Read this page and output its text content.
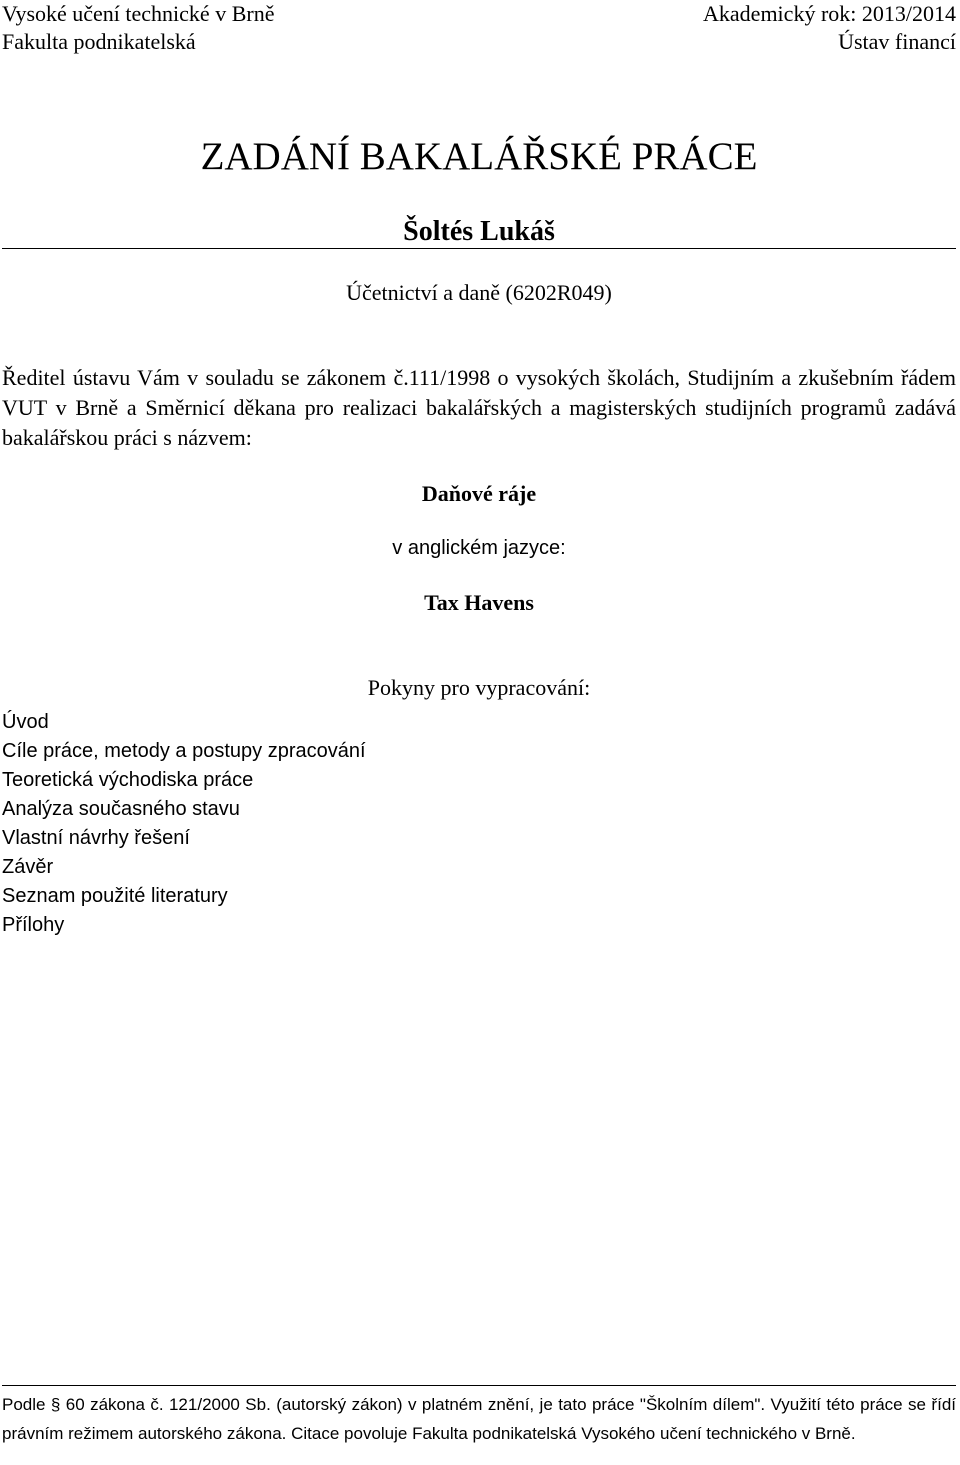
Vysoké učení technické v Brně
Fakulta podnikatelská
Akademický rok: 2013/2014
Ústav financí
ZADÁNÍ BAKALÁŘSKÉ PRÁCE
Šoltés Lukáš
Účetnictví a daně (6202R049)
Ředitel ústavu Vám v souladu se zákonem č.111/1998 o vysokých školách, Studijním a zkušebním řádem VUT v Brně a Směrnicí děkana pro realizaci bakalářských a magisterských studijních programů zadává bakalářskou práci s názvem:
Daňové ráje
v anglickém jazyce:
Tax Havens
Pokyny pro vypracování:
Úvod
Cíle práce, metody a postupy zpracování
Teoretická východiska práce
Analýza současného stavu
Vlastní návrhy řešení
Závěr
Seznam použité literatury
Přílohy
Podle § 60 zákona č. 121/2000 Sb. (autorský zákon) v platném znění, je tato práce "Školním dílem". Využití této práce se řídí právním režimem autorského zákona. Citace povoluje Fakulta podnikatelská Vysokého učení technického v Brně.
